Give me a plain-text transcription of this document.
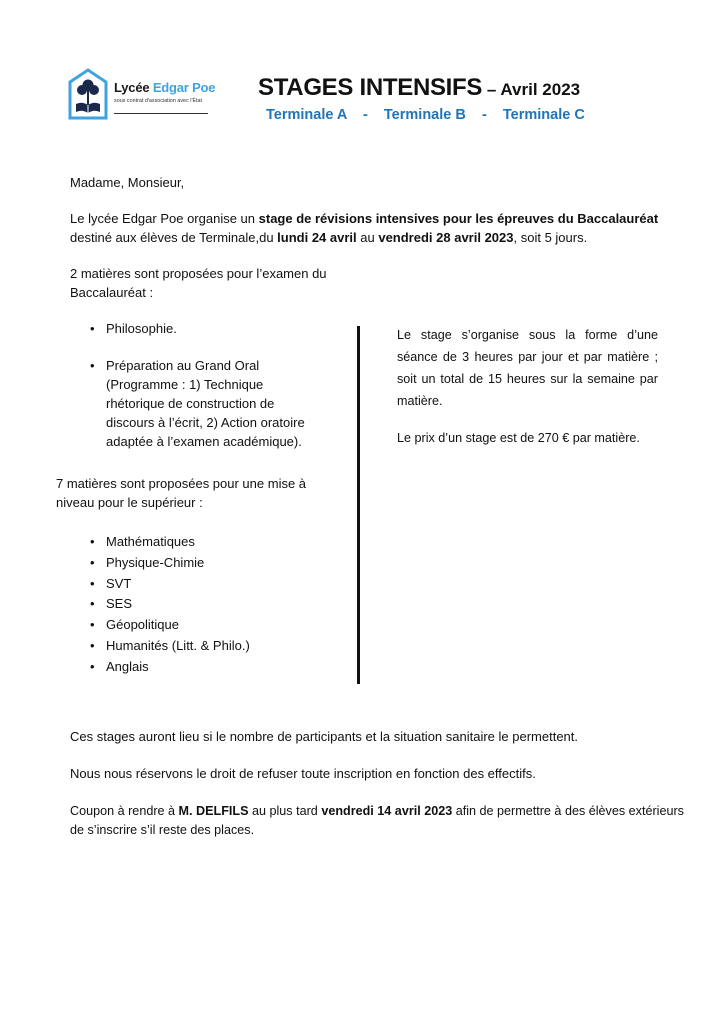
Lycée Edgar Poe
sous contrat d'association avec l'État STAGES INTENSIFS – Avril 2023
Terminale A    -    Terminale B    -    Terminale C
Madame, Monsieur,
Le lycée Edgar Poe organise un stage de révisions intensives pour les épreuves du Baccalauréat destiné aux élèves de Terminale,du lundi 24 avril au vendredi 28 avril 2023, soit 5 jours.
2 matières sont proposées pour l’examen du Baccalauréat :
• Philosophie.
• Préparation au Grand Oral (Programme : 1) Technique rhétorique de construction de discours à l’écrit, 2) Action oratoire adaptée à l’examen académique).
7 matières sont proposées pour une mise à niveau pour le supérieur :
• Mathématiques
• Physique-Chimie
• SVT
• SES
• Géopolitique
• Humanités (Litt. & Philo.)
• Anglais
Le stage s’organise sous la forme d’une séance de 3 heures par jour et par matière ; soit un total de 15 heures sur la semaine par matière.
Le prix d’un stage est de 270 € par matière.
Ces stages auront lieu si le nombre de participants et la situation sanitaire le permettent.
Nous nous réservons le droit de refuser toute inscription en fonction des effectifs.
Coupon à rendre à M. DELFILS au plus tard vendredi 14 avril 2023 afin de permettre à des élèves extérieurs de s’inscrire s’il reste des places.
